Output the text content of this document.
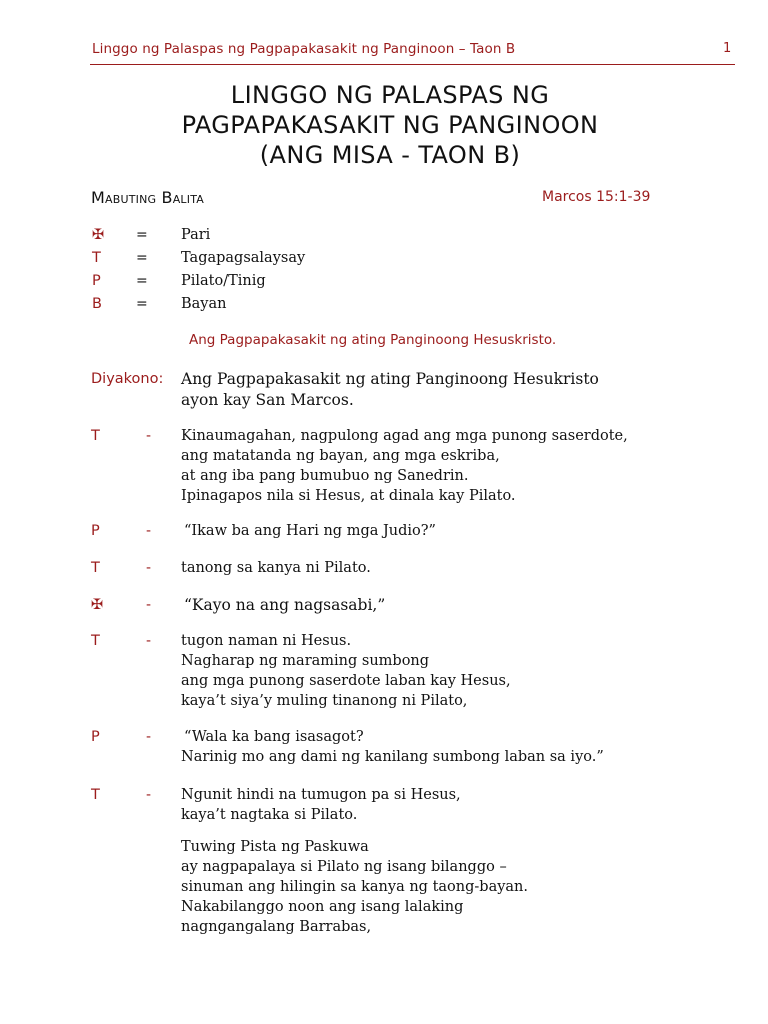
Linggo ng Palaspas ng Pagpapakasakit ng Panginoon – Taon B	1
LINGGO NG PALASPAS NG
PAGPAPAKASAKIT NG PANGINOON
(ANG MISA - TAON B)
Mabuting Balita	Marcos 15:1-39
✠ = Pari
T	= Tagapagsalaysay
P	= Pilato/Tinig
B = Bayan
Ang Pagpapakasakit ng ating Panginoong Hesuskristo.
Diyakono: Ang Pagpapakasakit ng ating Panginoong Hesukristo
ayon kay San Marcos.
T	- Kinaumagahan, nagpulong agad ang mga punong saserdote,
ang matatanda ng bayan, ang mga eskriba,
at ang iba pang bumubuo ng Sanedrin.
Ipinagapos nila si Hesus, at dinala kay Pilato.
P	- “Ikaw ba ang Hari ng mga Judio?”
T	- tanong sa kanya ni Pilato.
✠	- “Kayo na ang nagsasabi,”
T	- tugon naman ni Hesus.
Nagharap ng maraming sumbong
ang mga punong saserdote laban kay Hesus,
kaya’t siya’y muling tinanong ni Pilato,
P	- “Wala ka bang isasagot?
Narinig mo ang dami ng kanilang sumbong laban sa iyo.”
T	- Ngunit hindi na tumugon pa si Hesus,
kaya’t nagtaka si Pilato.
Tuwing Pista ng Paskuwa
ay nagpapalaya si Pilato ng isang bilanggo –
sinuman ang hilingin sa kanya ng taong-bayan.
Nakabilanggo noon ang isang lalaking
nagngangalang Barrabas,
